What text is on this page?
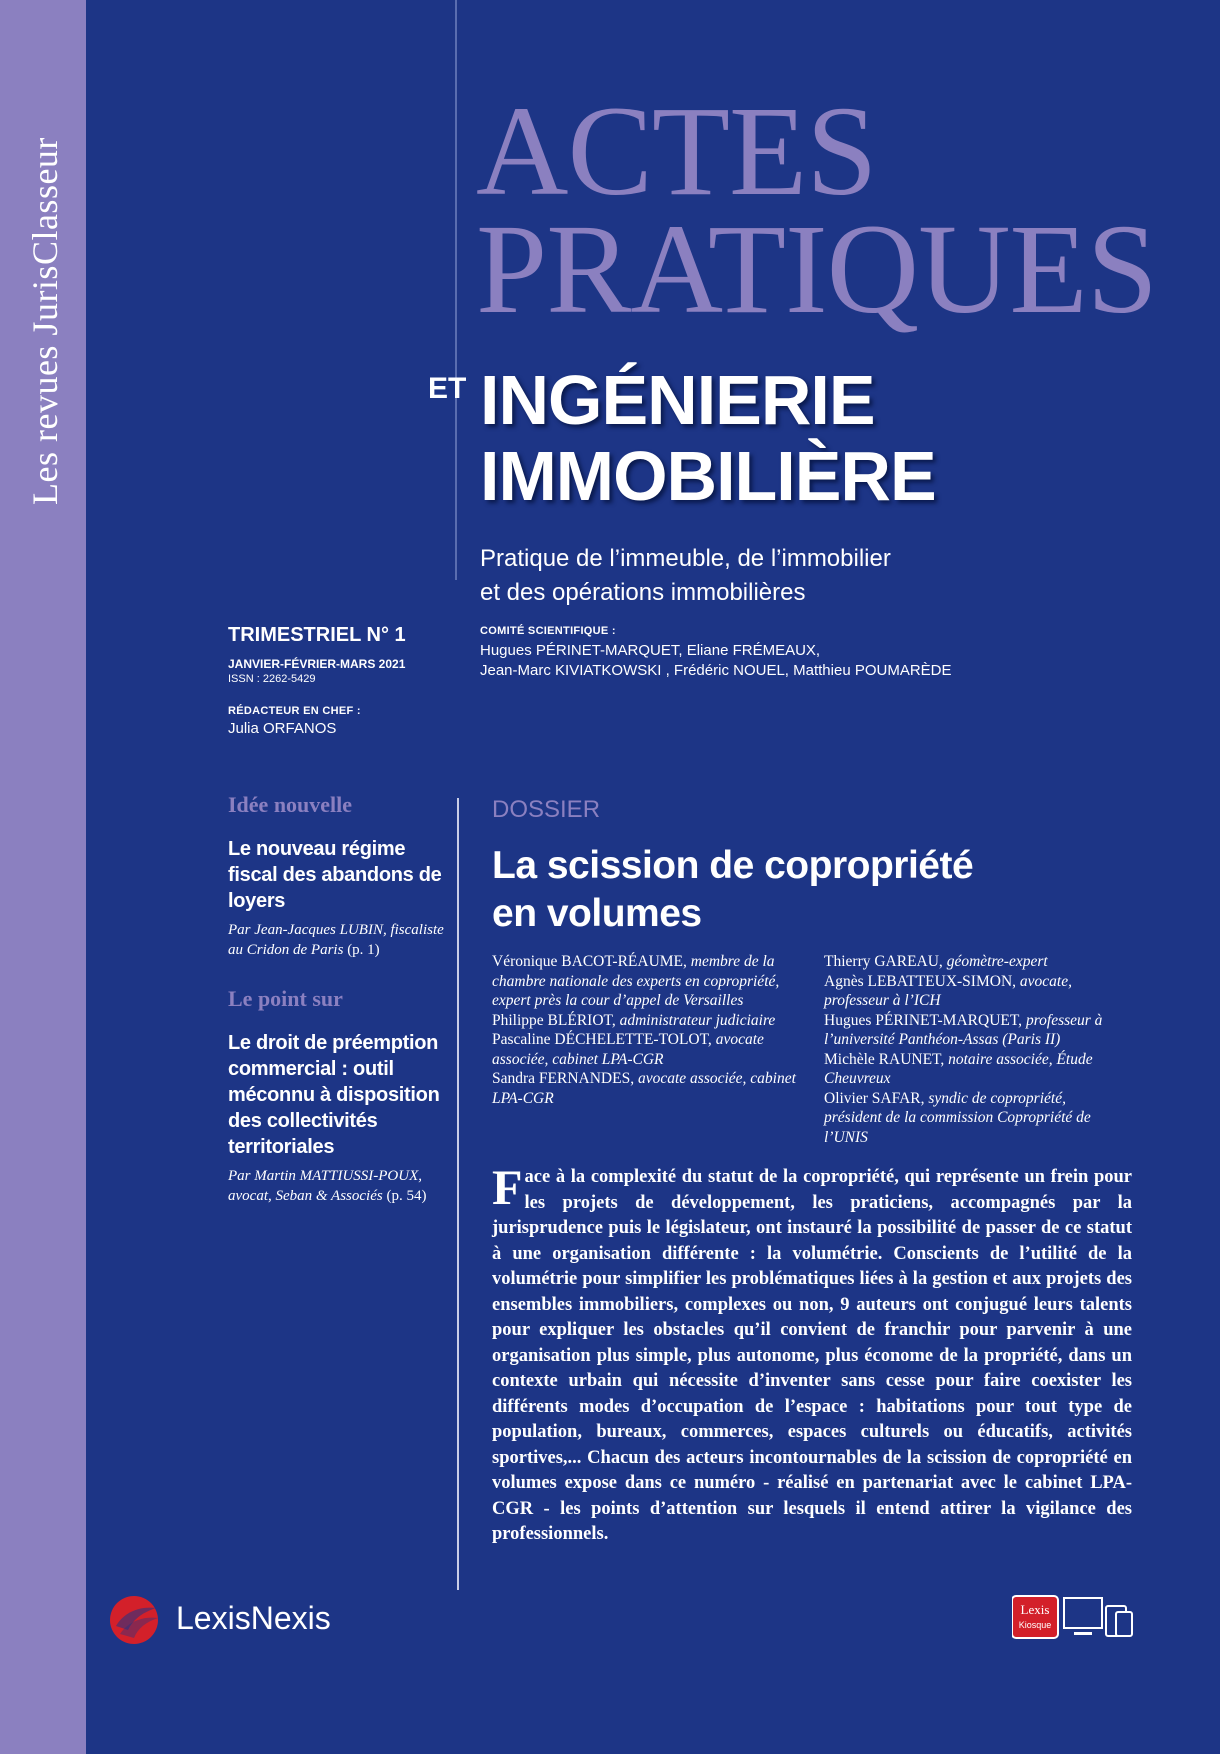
Les revues JurisClasseur	ACTES
PRATIQUES
ET INGÉNIERIE
IMMOBILIÈRE
Pratique de l’immeuble, de l’immobilier
et des opérations immobilières
TRIMESTRIEL N° 1
JANVIER-FÉVRIER-MARS 2021
ISSN : 2262-5429
RÉDACTEUR EN CHEF :
Julia ORFANOS
COMITÉ SCIENTIFIQUE :
Hugues PÉRINET-MARQUET, Eliane FRÉMEAUX,
Jean-Marc KIVIATKOWSKI , Frédéric NOUEL, Matthieu POUMARÈDE
Idée nouvelle
Le nouveau régime fiscal des abandons de loyers
Par Jean-Jacques LUBIN, fiscaliste au Cridon de Paris (p. 1)
Le point sur
Le droit de préemption commercial : outil méconnu à disposition des collectivités territoriales
Par Martin MATTIUSSI-POUX, avocat, Seban & Associés (p. 54)
DOSSIER
La scission de copropriété
en volumes

Véronique BACOT-RÉAUME, membre de la chambre nationale des experts en copropriété, expert près la cour d’appel de Versailles

Philippe BLÉRIOT, administrateur judiciaire

Pascaline DÉCHELETTE-TOLOT, avocate associée, cabinet LPA-CGR

Sandra FERNANDES, avocate associée, cabinet LPA-CGR

Thierry GAREAU, géomètre-expert

Agnès LEBATTEUX-SIMON, avocate, professeur à l’ICH

Hugues PÉRINET-MARQUET, professeur à l’université Panthéon-Assas (Paris II)

Michèle RAUNET, notaire associée, Étude Cheuvreux

Olivier SAFAR, syndic de copropriété, président de la commission Copropriété de l’UNIS

Face à la complexité du statut de la copropriété, qui représente un frein pour les projets de développement, les praticiens, accompagnés par la jurisprudence puis le législateur, ont instauré la possibilité de passer de ce statut à une organisation différente : la volumétrie. Conscients de l’utilité de la volumétrie pour simplifier les problématiques liées à la gestion et aux projets des ensembles immobiliers, complexes ou non, 9 auteurs ont conjugué leurs talents pour expliquer les obstacles qu’il convient de franchir pour parvenir à une organisation plus simple, plus autonome, plus économe de la propriété, dans un contexte urbain qui nécessite d’inventer sans cesse pour faire coexister les différents modes d’occupation de l’espace : habitations pour tout type de population, bureaux, commerces, espaces culturels ou éducatifs, activités sportives,... Chacun des acteurs incontournables de la scission de copropriété en volumes expose dans ce numéro - réalisé en partenariat avec le cabinet LPA-CGR - les points d’attention sur lesquels il entend attirer la vigilance des professionnels.
LexisNexis	Lexis
Kiosque
